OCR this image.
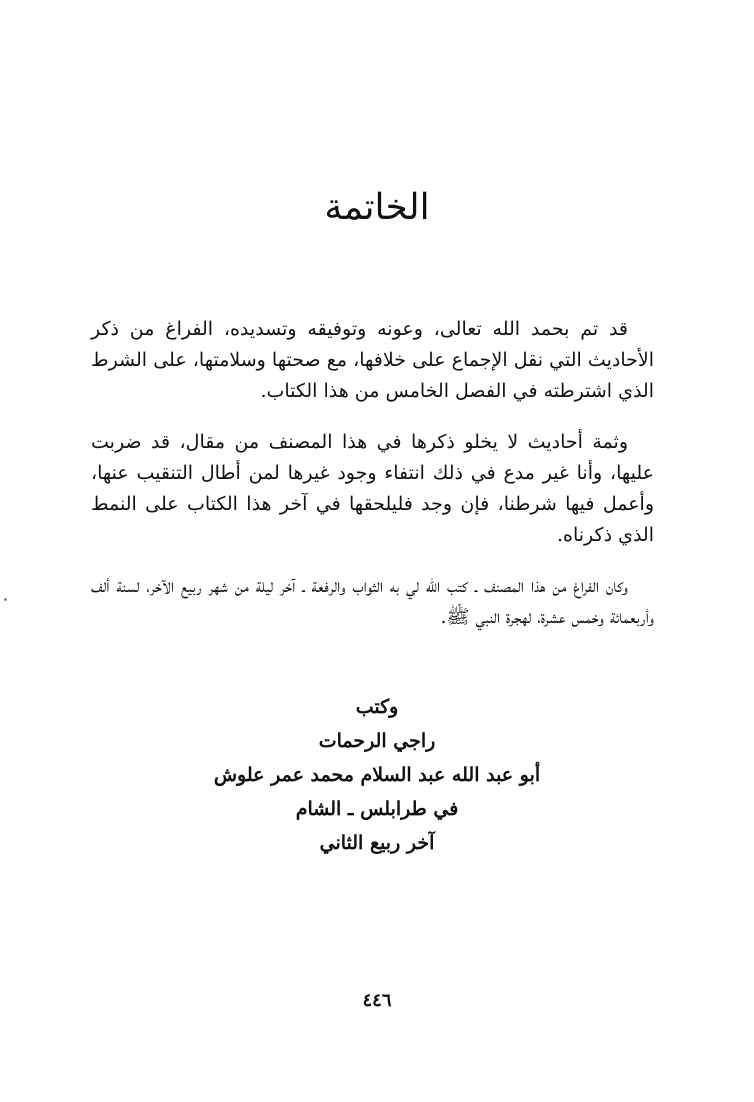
الخاتمة

قد تم بحمد الله تعالى، وعونه وتوفيقه وتسديده، الفراغ من ذكر الأحاديث التي نقل الإجماع على خلافها، مع صحتها وسلامتها، على الشرط الذي اشترطته في الفصل الخامس من هذا الكتاب.

وثمة أحاديث لا يخلو ذكرها في هذا المصنف من مقال، قد ضربت عليها، وأنا غير مدع في ذلك انتفاء وجود غيرها لمن أطال التنقيب عنها، وأعمل فيها شرطنا، فإن وجد فليلحقها في آخر هذا الكتاب على النمط الذي ذكرناه.

وكان الفراغ من هذا المصنف ـ كتب الله لي به الثواب والرفعة ـ آخر ليلة من شهر ربيع الآخر، لسنة ألف وأربعمائة وخمس عشرة، لهجرة النبي ﷺ.

وكتب
راجي الرحمات
أبو عبد الله عبد السلام محمد عمر علوش
في طرابلس ـ الشام
آخر ربيع الثاني
٤٤٦
